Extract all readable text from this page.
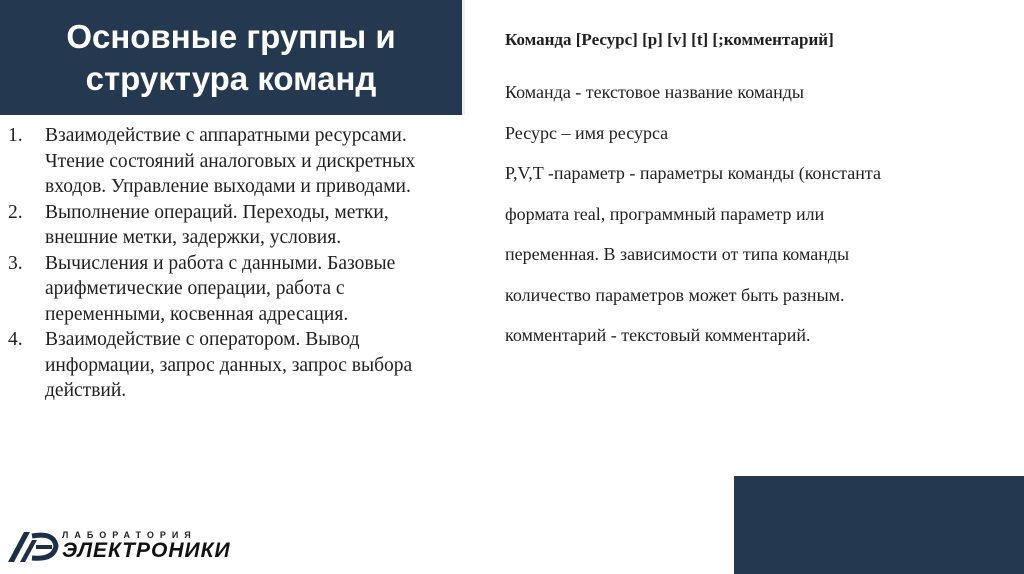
Основные группы и
структура команд
1.	Взаимодействие с аппаратными ресурсами. Чтение состояний аналоговых и дискретных входов. Управление выходами и приводами.
2.	Выполнение операций. Переходы, метки, внешние метки, задержки, условия.
3.	Вычисления и работа с данными. Базовые арифметические операции, работа с переменными, косвенная адресация.
4.	Взаимодействие с оператором. Вывод информации, запрос данных, запрос выбора действий.
Команда [Ресурс] [p] [v] [t] [;комментарий]
Команда - текстовое название команды
Ресурс – имя ресурса
P,V,T -параметр - параметры команды (константа
формата real, программный параметр или
переменная. В зависимости от типа команды
количество параметров может быть разным.
комментарий - текстовый комментарий.
ЛАБОРАТОРИЯ
ЭЛЕКТРОНИКИ
